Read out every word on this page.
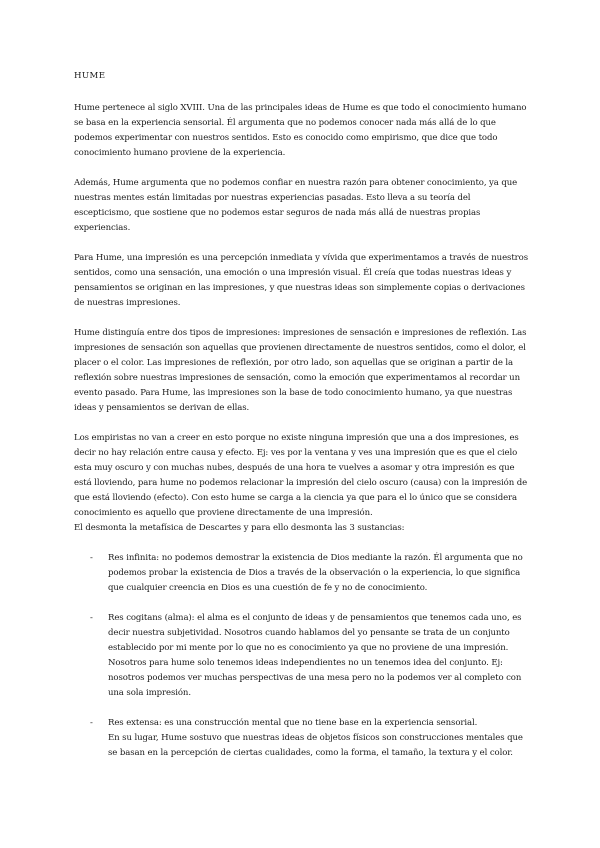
HUME

Hume pertenece al siglo XVIII. Una de las principales ideas de Hume es que todo el conocimiento humano se basa en la experiencia sensorial. Él argumenta que no podemos conocer nada más allá de lo que podemos experimentar con nuestros sentidos. Esto es conocido como empirismo, que dice que todo conocimiento humano proviene de la experiencia.

Además, Hume argumenta que no podemos confiar en nuestra razón para obtener conocimiento, ya que nuestras mentes están limitadas por nuestras experiencias pasadas. Esto lleva a su teoría del escepticismo, que sostiene que no podemos estar seguros de nada más allá de nuestras propias experiencias.

Para Hume, una impresión es una percepción inmediata y vívida que experimentamos a través de nuestros sentidos, como una sensación, una emoción o una impresión visual. Él creía que todas nuestras ideas y pensamientos se originan en las impresiones, y que nuestras ideas son simplemente copias o derivaciones de nuestras impresiones.

Hume distinguía entre dos tipos de impresiones: impresiones de sensación e impresiones de reflexión. Las impresiones de sensación son aquellas que provienen directamente de nuestros sentidos, como el dolor, el placer o el color. Las impresiones de reflexión, por otro lado, son aquellas que se originan a partir de la reflexión sobre nuestras impresiones de sensación, como la emoción que experimentamos al recordar un evento pasado. Para Hume, las impresiones son la base de todo conocimiento humano, ya que nuestras ideas y pensamientos se derivan de ellas.

Los empiristas no van a creer en esto porque no existe ninguna impresión que una a dos impresiones, es decir no hay relación entre causa y efecto. Ej: ves por la ventana y ves una impresión que es que el cielo esta muy oscuro y con muchas nubes, después de una hora te vuelves a asomar y otra impresión es que está lloviendo, para hume no podemos relacionar la impresión del cielo oscuro (causa) con la impresión de que está lloviendo (efecto). Con esto hume se carga a la ciencia ya que para el lo único que se considera conocimiento es aquello que proviene directamente de una impresión.

El desmonta la metafísica de Descartes y para ello desmonta las 3 sustancias:

- Res infinita: no podemos demostrar la existencia de Dios mediante la razón. Él argumenta que no podemos probar la existencia de Dios a través de la observación o la experiencia, lo que significa que cualquier creencia en Dios es una cuestión de fe y no de conocimiento.
- Res cogitans (alma): el alma es el conjunto de ideas y de pensamientos que tenemos cada uno, es decir nuestra subjetividad. Nosotros cuando hablamos del yo pensante se trata de un conjunto establecido por mi mente por lo que no es conocimiento ya que no proviene de una impresión. Nosotros para hume solo tenemos ideas independientes no un tenemos idea del conjunto. Ej: nosotros podemos ver muchas perspectivas de una mesa pero no la podemos ver al completo con una sola impresión.
- Res extensa: es una construcción mental que no tiene base en la experiencia sensorial.
En su lugar, Hume sostuvo que nuestras ideas de objetos físicos son construcciones mentales que se basan en la percepción de ciertas cualidades, como la forma, el tamaño, la textura y el color.
